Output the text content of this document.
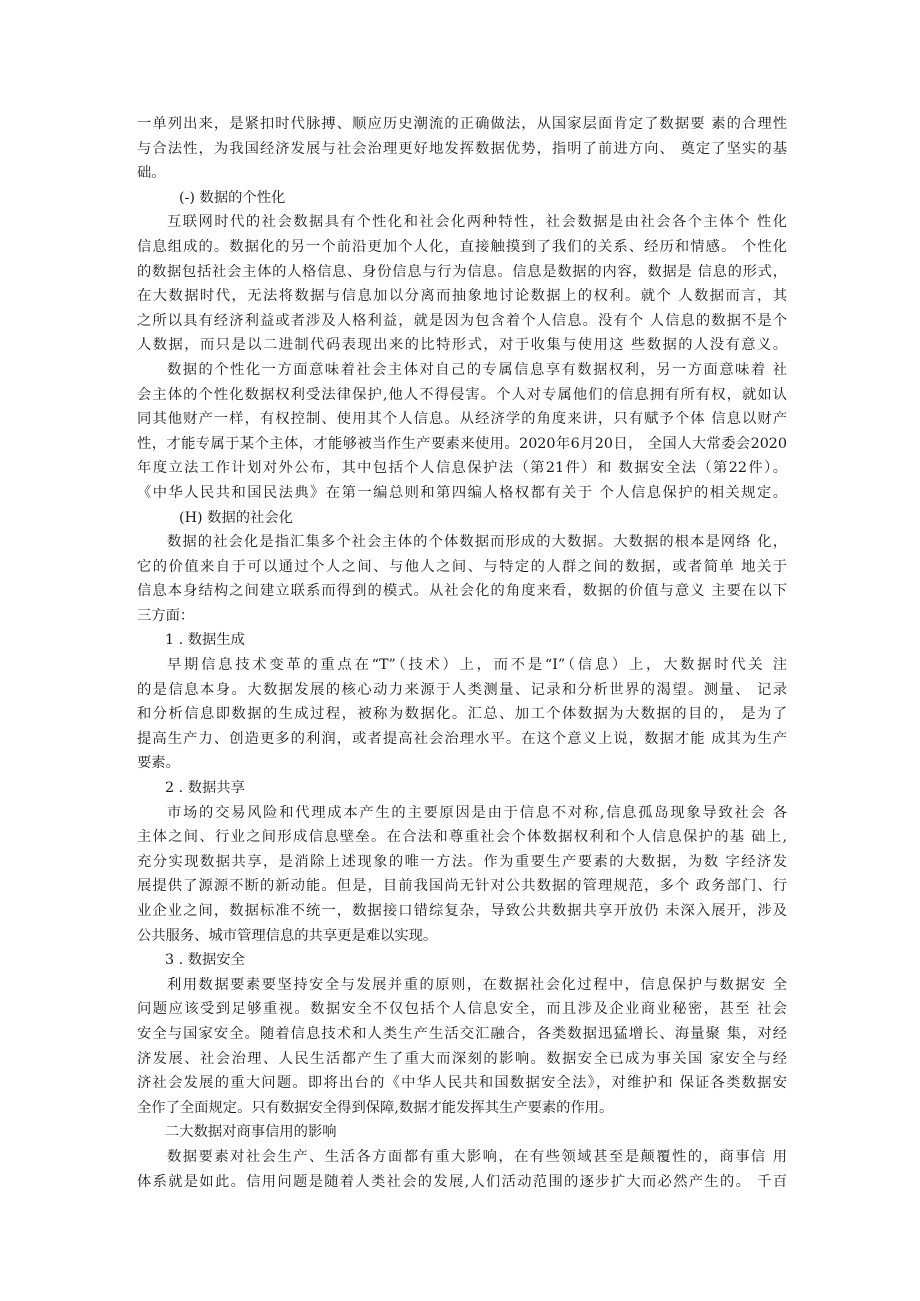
一单列出来，是紧扣时代脉搏、顺应历史潮流的正确做法，从国家层面肯定了数据要 素的合理性
与合法性，为我国经济发展与社会治理更好地发挥数据优势，指明了前进方向、 奠定了坚实的基
础。
(-) 数据的个性化
互联网时代的社会数据具有个性化和社会化两种特性，社会数据是由社会各个主体个 性化
信息组成的。数据化的另一个前沿更加个人化，直接触摸到了我们的关系、经历和情感。 个性化
的数据包括社会主体的人格信息、身份信息与行为信息。信息是数据的内容，数据是 信息的形式，
在大数据时代，无法将数据与信息加以分离而抽象地讨论数据上的权利。就个 人数据而言，其
之所以具有经济利益或者涉及人格利益，就是因为包含着个人信息。没有个 人信息的数据不是个
人数据，而只是以二进制代码表现出来的比特形式，对于收集与使用这 些数据的人没有意义。
数据的个性化一方面意味着社会主体对自己的专属信息享有数据权利，另一方面意味着 社
会主体的个性化数据权利受法律保护,他人不得侵害。个人对专属他们的信息拥有所有权，就如认
同其他财产一样，有权控制、使用其个人信息。从经济学的角度来讲，只有赋予个体 信息以财产
性，才能专属于某个主体，才能够被当作生产要素来使用。2020年6月20日， 全国人大常委会2020
年度立法工作计划对外公布，其中包括个人信息保护法（第21件）和 数据安全法（第22件）。
《中华人民共和国民法典》在第一编总则和第四编人格权都有关于 个人信息保护的相关规定。
(H) 数据的社会化
数据的社会化是指汇集多个社会主体的个体数据而形成的大数据。大数据的根本是网络 化，
它的价值来自于可以通过个人之间、与他人之间、与特定的人群之间的数据，或者简单 地关于
信息本身结构之间建立联系而得到的模式。从社会化的角度来看，数据的价值与意义 主要在以下
三方面：
1 . 数据生成
早期信息技术变革的重点在“T”（技术）上，而不是“I”（信息）上，大数据时代关 注
的是信息本身。大数据发展的核心动力来源于人类测量、记录和分析世界的渴望。测量、 记录
和分析信息即数据的生成过程，被称为数据化。汇总、加工个体数据为大数据的目的， 是为了
提高生产力、创造更多的利润，或者提高社会治理水平。在这个意义上说，数据才能 成其为生产
要素。
2 . 数据共享
市场的交易风险和代理成本产生的主要原因是由于信息不对称,信息孤岛现象导致社会 各
主体之间、行业之间形成信息壁垒。在合法和尊重社会个体数据权利和个人信息保护的基 础上,
充分实现数据共享，是消除上述现象的唯一方法。作为重要生产要素的大数据，为数 字经济发
展提供了源源不断的新动能。但是，目前我国尚无针对公共数据的管理规范，多个 政务部门、行
业企业之间，数据标准不统一，数据接口错综复杂，导致公共数据共享开放仍 未深入展开，涉及
公共服务、城市管理信息的共享更是难以实现。
3 . 数据安全
利用数据要素要坚持安全与发展并重的原则，在数据社会化过程中，信息保护与数据安 全
问题应该受到足够重视。数据安全不仅包括个人信息安全，而且涉及企业商业秘密，甚至 社会
安全与国家安全。随着信息技术和人类生产生活交汇融合，各类数据迅猛增长、海量聚 集，对经
济发展、社会治理、人民生活都产生了重大而深刻的影响。数据安全已成为事关国 家安全与经
济社会发展的重大问题。即将出台的《中华人民共和国数据安全法》，对维护和 保证各类数据安
全作了全面规定。只有数据安全得到保障,数据才能发挥其生产要素的作用。
二大数据对商事信用的影响
数据要素对社会生产、生活各方面都有重大影响，在有些领域甚至是颠覆性的，商事信 用
体系就是如此。信用问题是随着人类社会的发展,人们活动范围的逐步扩大而必然产生的。 千百
